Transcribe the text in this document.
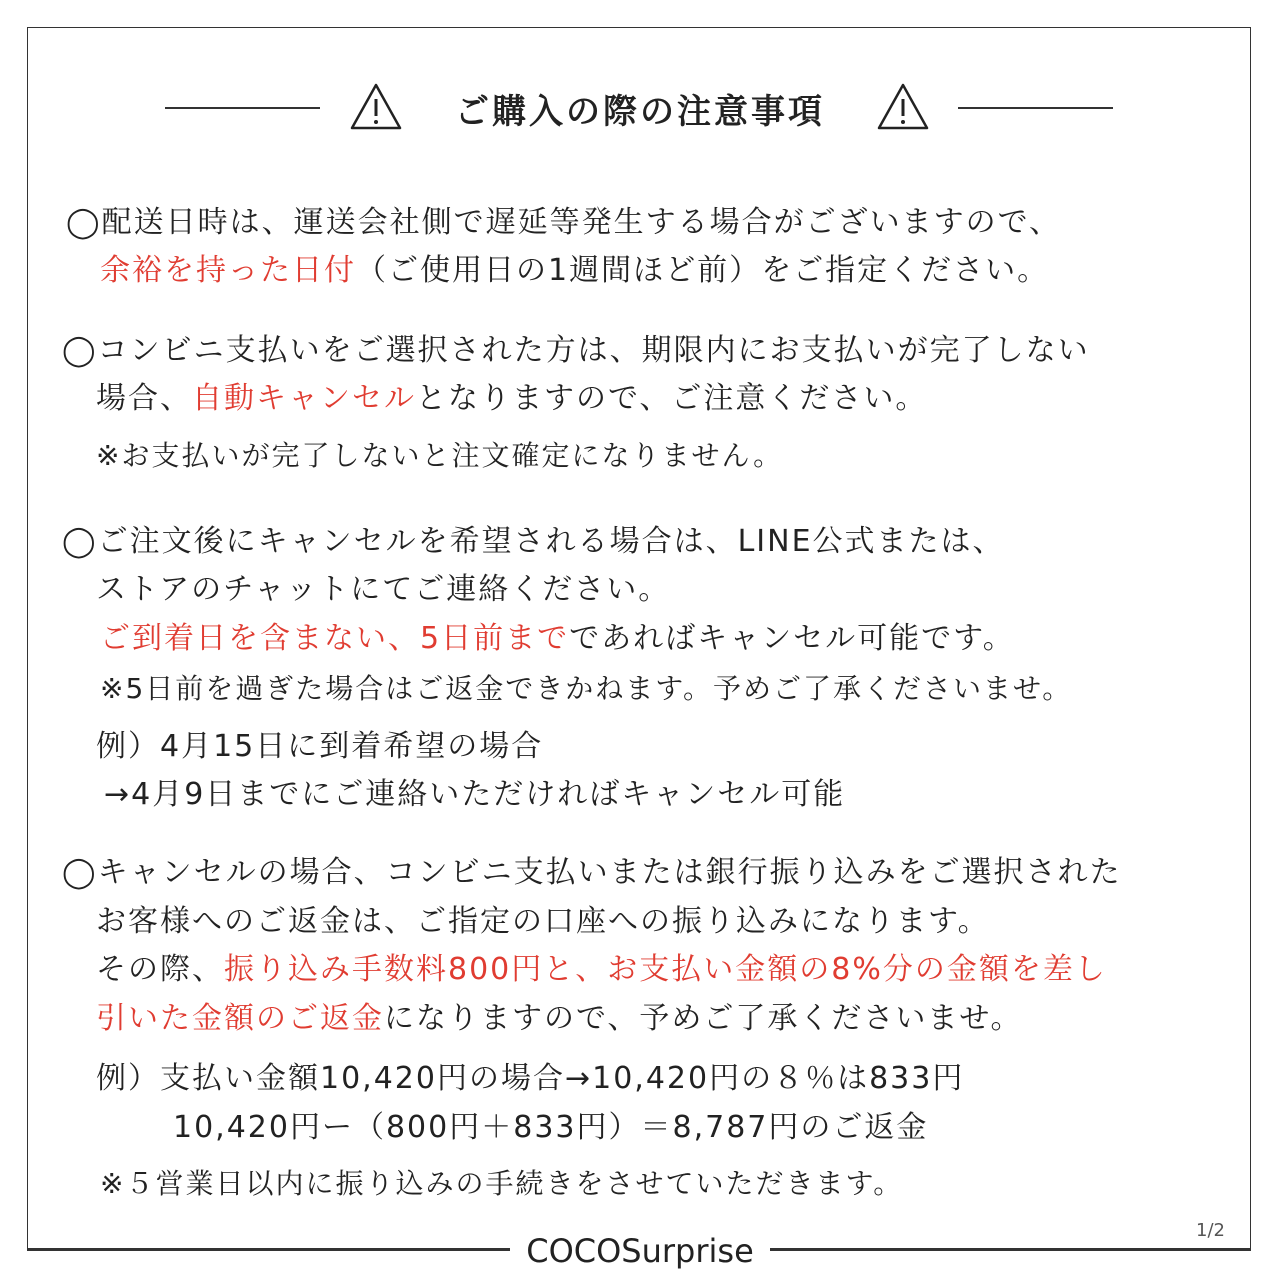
ご購入の際の注意事項
◯配送日時は、運送会社側で遅延等発生する場合がございますので、
余裕を持った日付（ご使用日の1週間ほど前）をご指定ください。
◯コンビニ支払いをご選択された方は、期限内にお支払いが完了しない
場合、自動キャンセルとなりますので、ご注意ください。
※お支払いが完了しないと注文確定になりません。
◯ご注文後にキャンセルを希望される場合は、LINE公式または、
ストアのチャットにてご連絡ください。
ご到着日を含まない、5日前までであればキャンセル可能です。
※5日前を過ぎた場合はご返金できかねます。予めご了承くださいませ。
例）4月15日に到着希望の場合
→4月9日までにご連絡いただければキャンセル可能
◯キャンセルの場合、コンビニ支払いまたは銀行振り込みをご選択された
お客様へのご返金は、ご指定の口座への振り込みになります。
その際、振り込み手数料800円と、お支払い金額の8%分の金額を差し
引いた金額のご返金になりますので、予めご了承くださいませ。
例）支払い金額10,420円の場合→10,420円の８％は833円
10,420円ー（800円＋833円）＝8,787円のご返金
※５営業日以内に振り込みの手続きをさせていただきます。
COCOSurprise
1/2
